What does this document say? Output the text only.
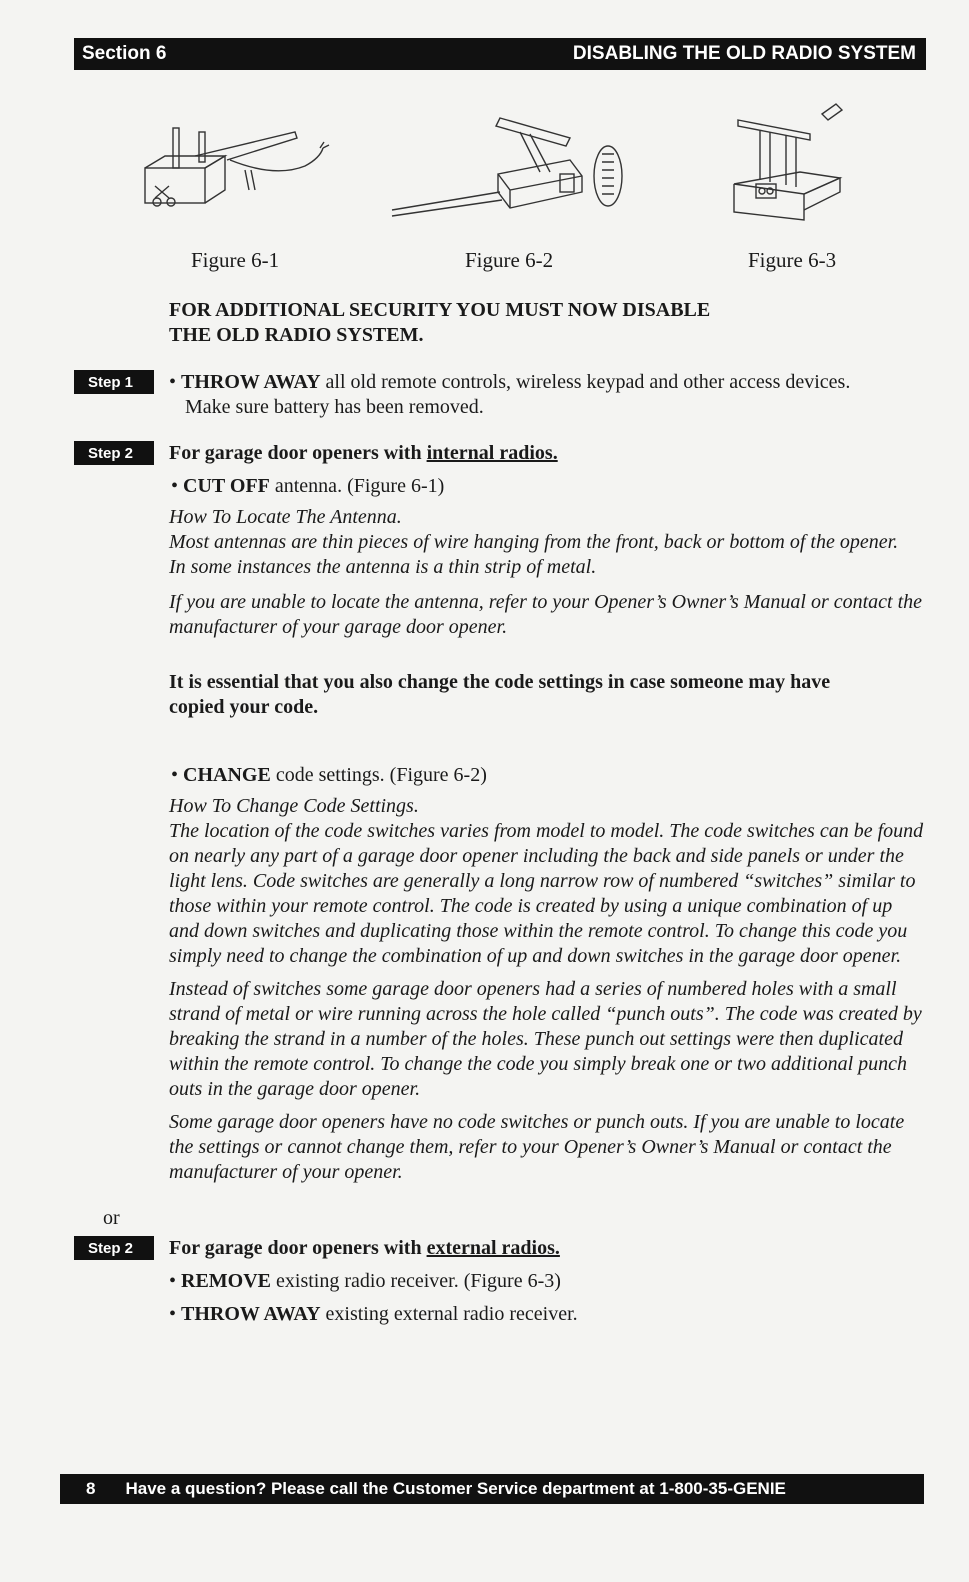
Section 6	DISABLING THE OLD RADIO SYSTEM
Figure 6-1	Figure 6-2	Figure 6-3

FOR ADDITIONAL SECURITY YOU MUST NOW DISABLE

THE OLD RADIO SYSTEM.

Step 1	• THROW AWAY all old remote controls, wireless keypad and other access devices.

Make sure battery has been removed.

Step 2	For garage door openers with internal radios.

• CUT OFF antenna. (Figure 6-1)

How To Locate The Antenna.

Most antennas are thin pieces of wire hanging from the front, back or bottom of the opener.

In some instances the antenna is a thin strip of metal.

If you are unable to locate the antenna, refer to your Opener’s Owner’s Manual or contact the

manufacturer of your garage door opener.

It is essential that you also change the code settings in case someone may have

copied your code.

• CHANGE code settings. (Figure 6-2)

How To Change Code Settings.

The location of the code switches varies from model to model. The code switches can be found

on nearly any part of a garage door opener including the back and side panels or under the

light lens. Code switches are generally a long narrow row of numbered “switches” similar to

those within your remote control. The code is created by using a unique combination of up

and down switches and duplicating those within the remote control. To change this code you

simply need to change the combination of up and down switches in the garage door opener.

Instead of switches some garage door openers had a series of numbered holes with a small

strand of metal or wire running across the hole called “punch outs”. The code was created by

breaking the strand in a number of the holes. These punch out settings were then duplicated

within the remote control. To change the code you simply break one or two additional punch

outs in the garage door opener.

Some garage door openers have no code switches or punch outs. If you are unable to locate

the settings or cannot change them, refer to your Opener’s Owner’s Manual or contact the

manufacturer of your opener.

or
Step 2	For garage door openers with external radios.

• REMOVE existing radio receiver. (Figure 6-3)

• THROW AWAY existing external radio receiver.

8 Have a question? Please call the Customer Service department at 1-800-35-GENIE
